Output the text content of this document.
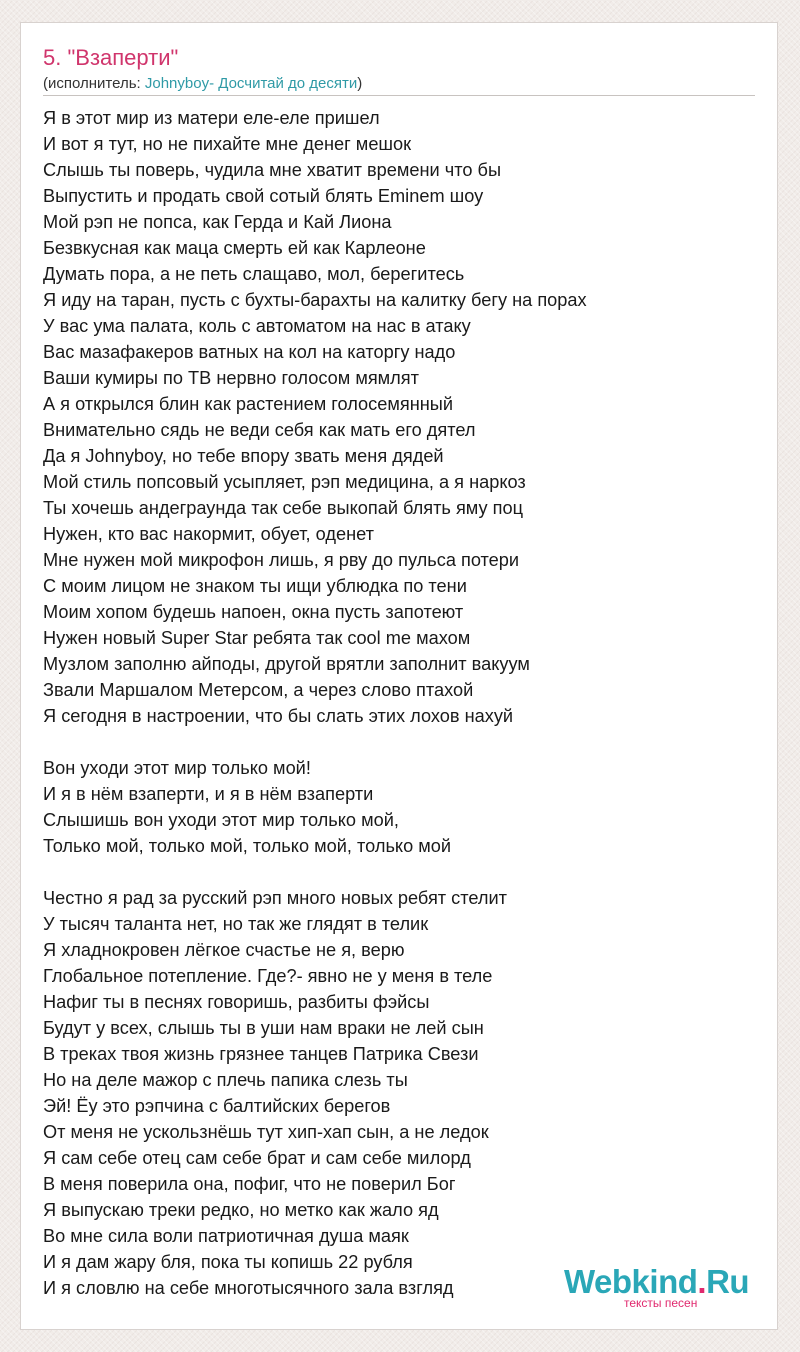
5. "Взаперти"
(исполнитель: Johnyboy- Досчитай до десяти)
Я в этот мир из матери еле-еле пришел
И вот я тут, но не пихайте мне денег мешок
Слышь ты поверь, чудила мне хватит времени что бы
Выпустить и продать свой сотый блять Eminem шоу
Мой рэп не попса, как Герда и Кай Лиона
Безвкусная как маца смерть ей как Карлеоне
Думать пора, а не петь слащаво, мол, берегитесь
Я иду на таран, пусть с бухты-барахты на калитку бегу на порах
У вас ума палата, коль с автоматом на нас в атаку
Вас мазафакеров ватных на кол на каторгу надо
Ваши кумиры по ТВ нервно голосом мямлят
А я открылся блин как растением голосемянный
Внимательно сядь не веди себя как мать его дятел
Да я Johnyboy, но тебе впору звать меня дядей
Мой стиль попсовый усыпляет, рэп медицина, а я наркоз
Ты хочешь андеграунда так себе выкопай блять яму поц
Нужен, кто вас накормит, обует, оденет
Мне нужен мой микрофон лишь, я рву до пульса потери
С моим лицом не знаком ты ищи ублюдка по тени
Моим хопом будешь напоен, окна пусть запотеют
Нужен новый Super Star ребята так cool me махом
Музлом заполню айподы, другой врятли заполнит вакуум
Звали Маршалом Метерсом, а через слово птахой
Я сегодня в настроении, что бы слать этих лохов нахуй
Вон уходи этот мир только мой!
И я в нём взаперти, и я в нём взаперти
Слышишь вон уходи этот мир только мой,
Только мой, только мой, только мой, только мой
Честно я рад за русский рэп много новых ребят стелит
У тысяч таланта нет, но так же глядят в телик
Я хладнокровен лёгкое счастье не я, верю
Глобальное потепление. Где?- явно не у меня в теле
Нафиг ты в песнях говоришь, разбиты фэйсы
Будут у всех, слышь ты в уши нам враки не лей сын
В треках твоя жизнь грязнее танцев Патрика Свези
Но на деле мажор с плечь папика слезь ты
Эй! Ёу это рэпчина с балтийских берегов
От меня не ускользнёшь тут хип-хап сын, а не ледок
Я сам себе отец сам себе брат и сам себе милорд
В меня поверила она, пофиг, что не поверил Бог
Я выпускаю треки редко, но метко как жало яд
Во мне сила воли патриотичная душа маяк
И я дам жару бля, пока ты копишь 22 рубля
И я словлю на себе многотысячного зала взгляд	Webkind.Ru
тексты песен
